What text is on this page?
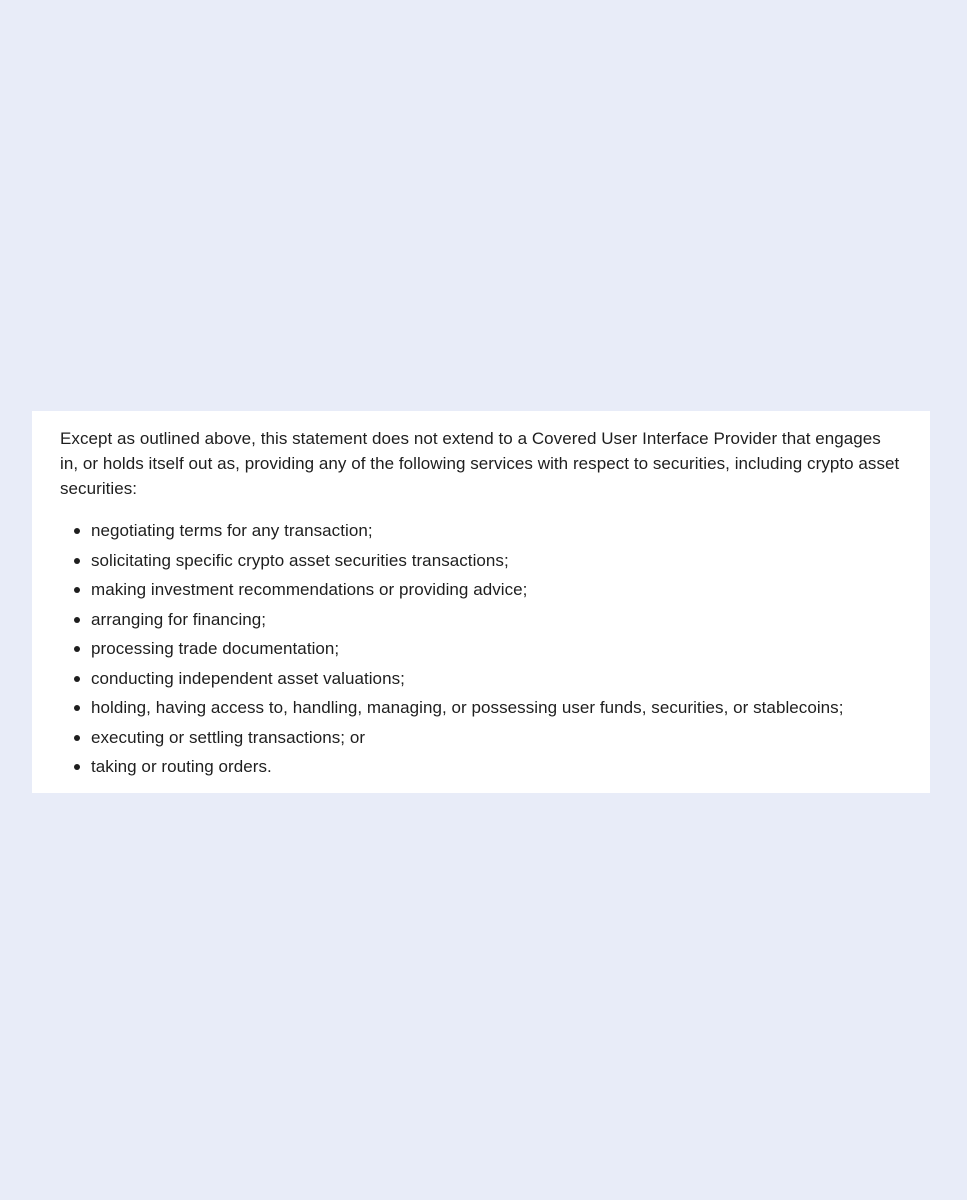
Except as outlined above, this statement does not extend to a Covered User Interface Provider that engages in, or holds itself out as, providing any of the following services with respect to securities, including crypto asset securities:

negotiating terms for any transaction;
solicitating specific crypto asset securities transactions;
making investment recommendations or providing advice;
arranging for financing;
processing trade documentation;
conducting independent asset valuations;
holding, having access to, handling, managing, or possessing user funds, securities, or stablecoins;
executing or settling transactions; or
taking or routing orders.
